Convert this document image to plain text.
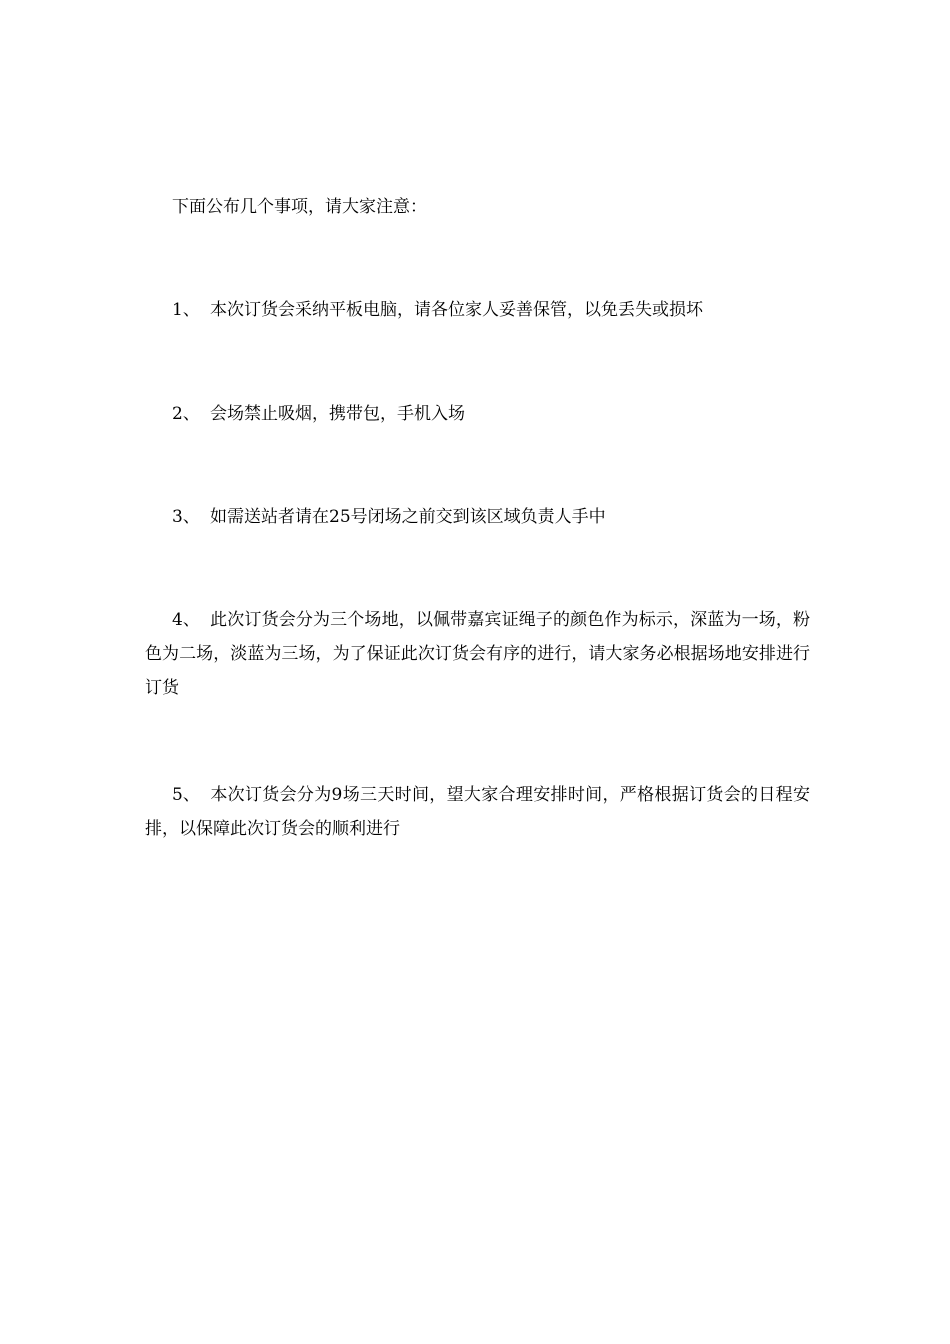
下面公布几个事项，请大家注意：
1、 本次订货会采纳平板电脑，请各位家人妥善保管，以免丢失或损坏
2、 会场禁止吸烟，携带包，手机入场
3、 如需送站者请在25号闭场之前交到该区域负责人手中
4、 此次订货会分为三个场地，以佩带嘉宾证绳子的颜色作为标示，深蓝为一场，粉色为二场，淡蓝为三场，为了保证此次订货会有序的进行，请大家务必根据场地安排进行订货
5、 本次订货会分为9场三天时间，望大家合理安排时间，严格根据订货会的日程安排，以保障此次订货会的顺利进行
